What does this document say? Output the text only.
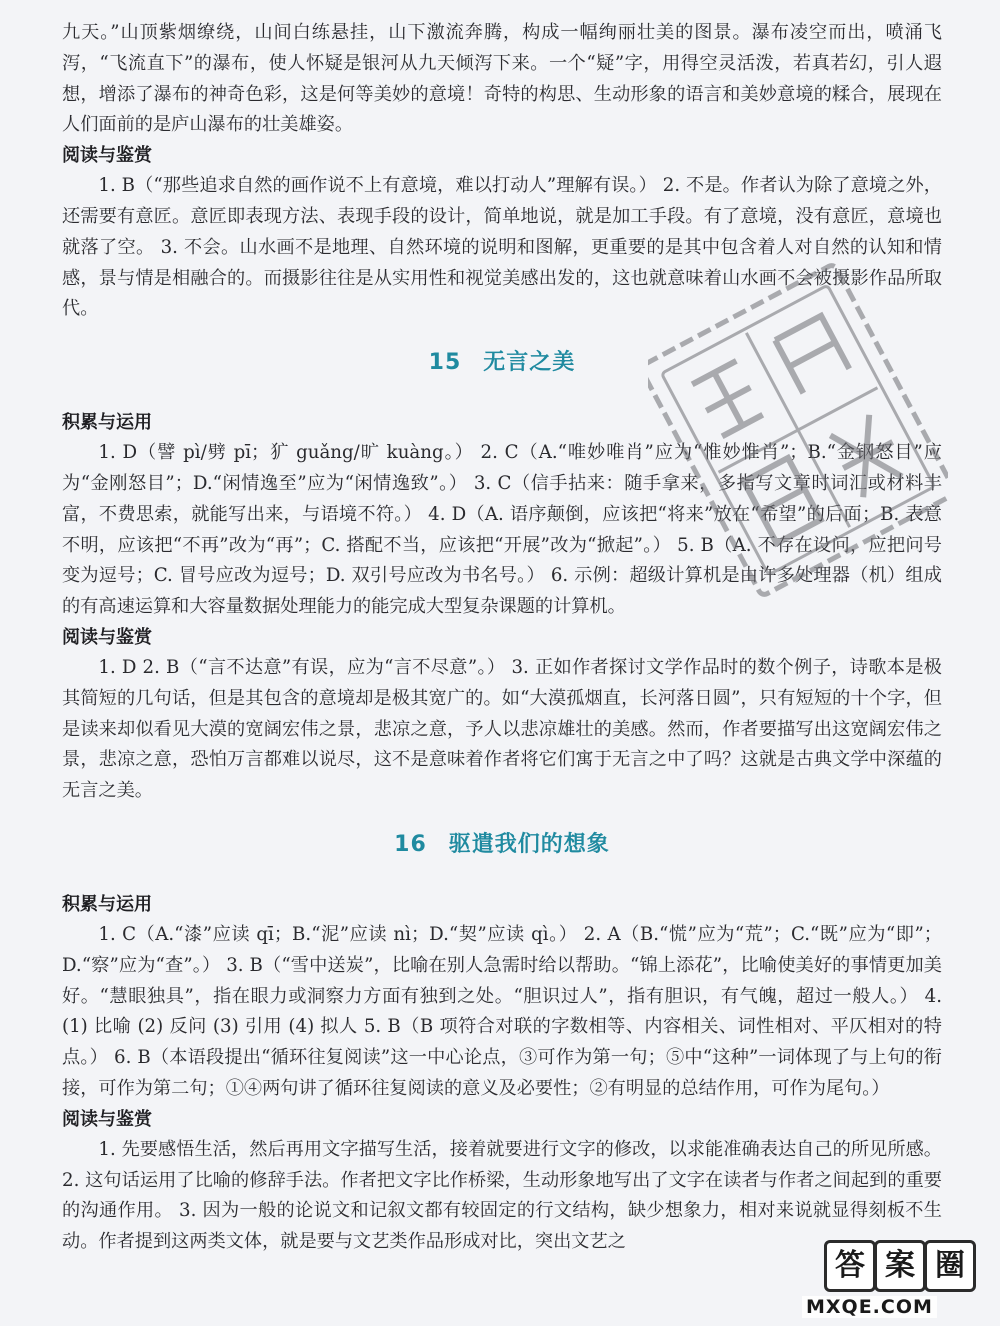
九天。”山顶紫烟缭绕，山间白练悬挂，山下激流奔腾，构成一幅绚丽壮美的图景。瀑布凌空而出，喷涌飞泻，“飞流直下”的瀑布，使人怀疑是银河从九天倾泻下来。一个“疑”字，用得空灵活泼，若真若幻，引人遐想，增添了瀑布的神奇色彩，这是何等美妙的意境！奇特的构思、生动形象的语言和美妙意境的糅合，展现在人们面前的是庐山瀑布的壮美雄姿。

阅读与鉴赏

1. B（“那些追求自然的画作说不上有意境，难以打动人”理解有误。） 2. 不是。作者认为除了意境之外，还需要有意匠。意匠即表现方法、表现手段的设计，简单地说，就是加工手段。有了意境，没有意匠，意境也就落了空。 3. 不会。山水画不是地理、自然环境的说明和图解，更重要的是其中包含着人对自然的认知和情感，景与情是相融合的。而摄影往往是从实用性和视觉美感出发的，这也就意味着山水画不会被摄影作品所取代。

15 无言之美

积累与运用

1. D（譬 pì/劈 pī；犷 guǎng/旷 kuàng。） 2. C（A.“唯妙唯肖”应为“惟妙惟肖”；B.“金钢怒目”应为“金刚怒目”；D.“闲情逸至”应为“闲情逸致”。） 3. C（信手拈来：随手拿来，多指写文章时词汇或材料丰富，不费思索，就能写出来，与语境不符。） 4. D（A. 语序颠倒，应该把“将来”放在“希望”的后面；B. 表意不明，应该把“不再”改为“再”；C. 搭配不当，应该把“开展”改为“掀起”。） 5. B（A. 不存在设问，应把问号变为逗号；C. 冒号应改为逗号；D. 双引号应改为书名号。） 6. 示例：超级计算机是由许多处理器（机）组成的有高速运算和大容量数据处理能力的能完成大型复杂课题的计算机。

阅读与鉴赏

1. D 2. B（“言不达意”有误，应为“言不尽意”。） 3. 正如作者探讨文学作品时的数个例子，诗歌本是极其简短的几句话，但是其包含的意境却是极其宽广的。如“大漠孤烟直，长河落日圆”，只有短短的十个字，但是读来却似看见大漠的宽阔宏伟之景，悲凉之意，予人以悲凉雄壮的美感。然而，作者要描写出这宽阔宏伟之景，悲凉之意，恐怕万言都难以说尽，这不是意味着作者将它们寓于无言之中了吗？这就是古典文学中深蕴的无言之美。

16 驱遣我们的想象

积累与运用

1. C（A.“漆”应读 qī；B.“泥”应读 nì；D.“契”应读 qì。） 2. A（B.“慌”应为“荒”；C.“既”应为“即”；D.“察”应为“查”。） 3. B（“雪中送炭”，比喻在别人急需时给以帮助。“锦上添花”，比喻使美好的事情更加美好。“慧眼独具”，指在眼力或洞察力方面有独到之处。“胆识过人”，指有胆识，有气魄，超过一般人。） 4. (1) 比喻 (2) 反问 (3) 引用 (4) 拟人 5. B（B 项符合对联的字数相等、内容相关、词性相对、平仄相对的特点。） 6. B（本语段提出“循环往复阅读”这一中心论点，③可作为第一句；⑤中“这种”一词体现了与上句的衔接，可作为第二句；①④两句讲了循环往复阅读的意义及必要性；②有明显的总结作用，可作为尾句。）

阅读与鉴赏

1. 先要感悟生活，然后再用文字描写生活，接着就要进行文字的修改，以求能准确表达自己的所见所感。 2. 这句话运用了比喻的修辞手法。作者把文字比作桥梁，生动形象地写出了文字在读者与作者之间起到的重要的沟通作用。 3. 因为一般的论说文和记叙文都有较固定的行文结构，缺少想象力，相对来说就显得刻板不生动。作者提到这两类文体，就是要与文艺类作品形成对比，突出文艺之

答 案 圈
MXQE.COM
